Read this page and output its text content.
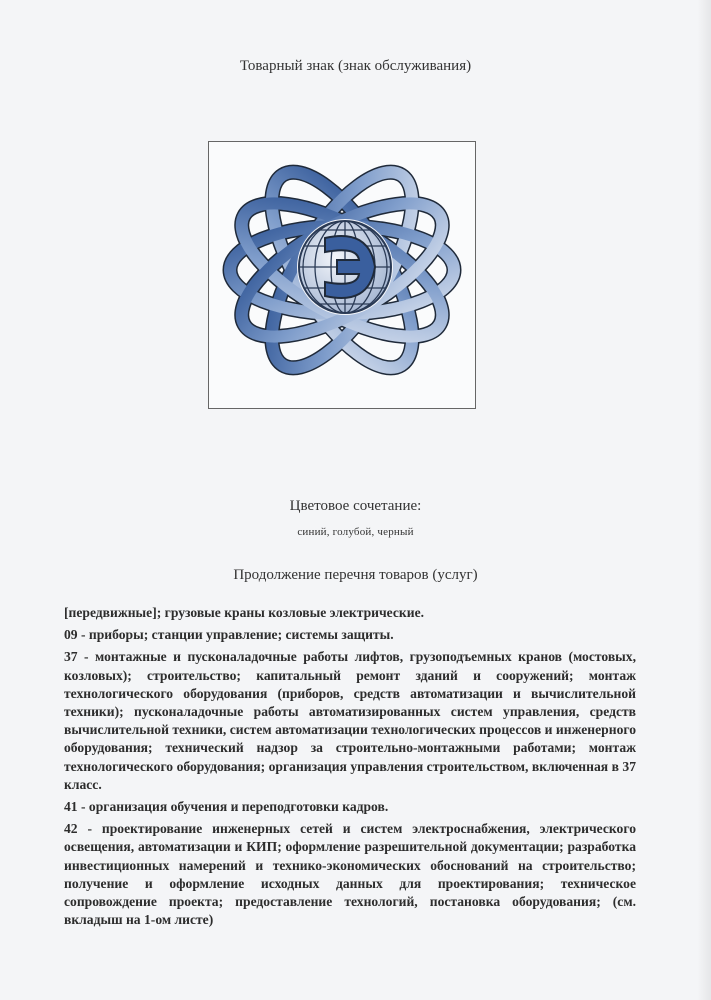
Товарный знак (знак обслуживания)
Цветовое сочетание:
синий, голубой, черный
Продолжение перечня товаров (услуг)

[передвижные]; грузовые краны козловые электрические.

09 - приборы; станции управление; системы защиты.

37 - монтажные и пусконаладочные работы лифтов, грузоподъемных кранов (мостовых, козловых); строительство; капитальный ремонт зданий и сооружений; монтаж технологического оборудования (приборов, средств автоматизации и вычислительной техники); пусконаладочные работы автоматизированных систем управления, средств вычислительной техники, систем автоматизации технологических процессов и инженерного оборудования; технический надзор за строительно-монтажными работами; монтаж технологического оборудования; организация управления строительством, включенная в 37 класс.

41 - организация обучения и переподготовки кадров.

42 - проектирование инженерных сетей и систем электроснабжения, электрического освещения, автоматизации и КИП; оформление разрешительной документации; разработка инвестиционных намерений и технико-экономических обоснований на строительство; получение и оформление исходных данных для проектирования; техническое сопровождение проекта; предоставление технологий, постановка оборудования; (см. вкладыш на 1-ом листе)
